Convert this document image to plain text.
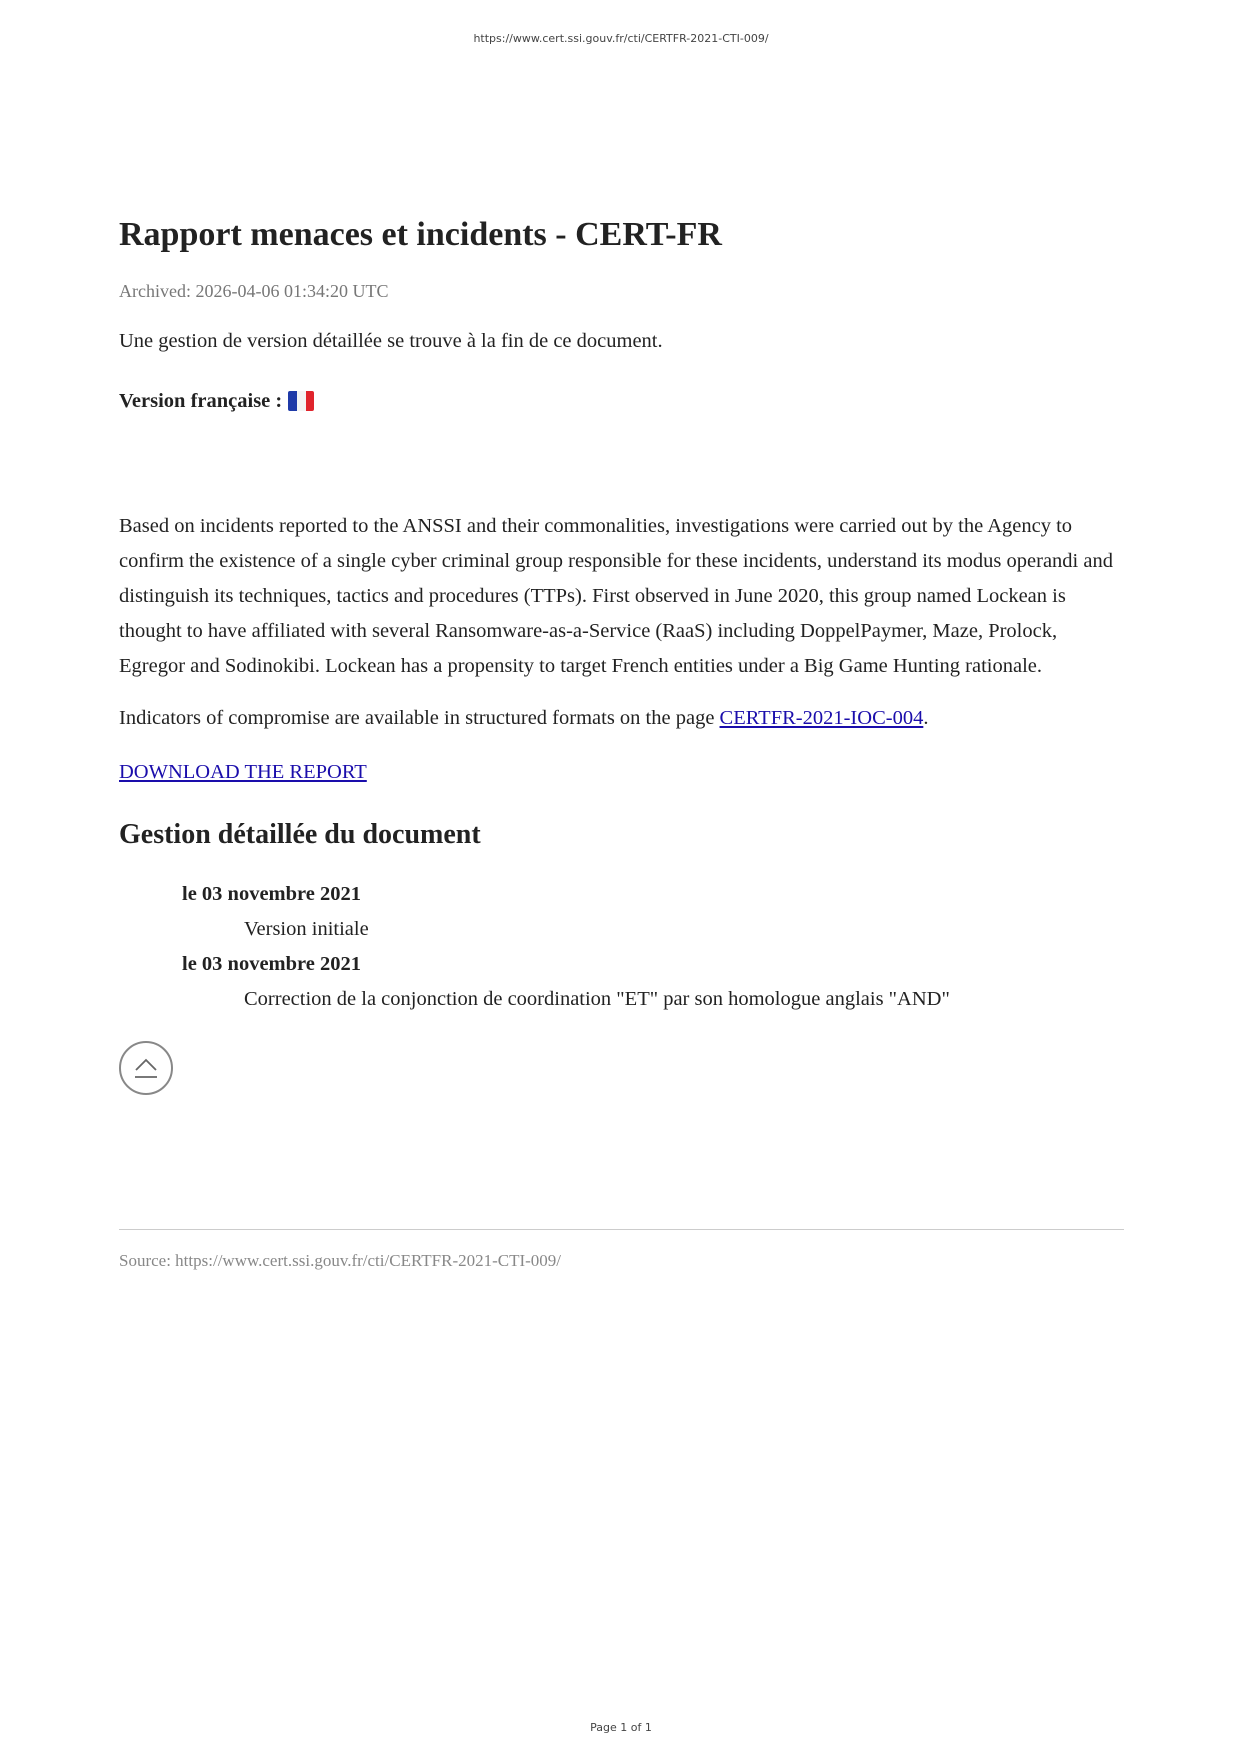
https://www.cert.ssi.gouv.fr/cti/CERTFR-2021-CTI-009/
Rapport menaces et incidents - CERT-FR
Archived: 2026-04-06 01:34:20 UTC
Une gestion de version détaillée se trouve à la fin de ce document.
Version française :
Based on incidents reported to the ANSSI and their commonalities, investigations were carried out by the Agency to confirm the existence of a single cyber criminal group responsible for these incidents, understand its modus operandi and distinguish its techniques, tactics and procedures (TTPs). First observed in June 2020, this group named Lockean is thought to have affiliated with several Ransomware-as-a-Service (RaaS) including DoppelPaymer, Maze, Prolock, Egregor and Sodinokibi. Lockean has a propensity to target French entities under a Big Game Hunting rationale.
Indicators of compromise are available in structured formats on the page CERTFR-2021-IOC-004.
DOWNLOAD THE REPORT
Gestion détaillée du document
le 03 novembre 2021
Version initiale
le 03 novembre 2021
Correction de la conjonction de coordination "ET" par son homologue anglais "AND"
Source: https://www.cert.ssi.gouv.fr/cti/CERTFR-2021-CTI-009/
Page 1 of 1
